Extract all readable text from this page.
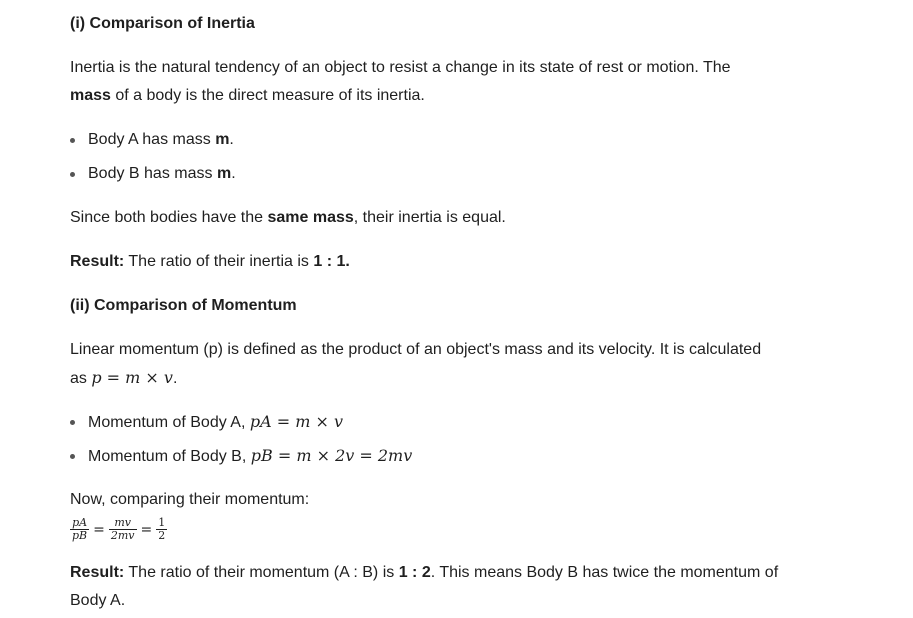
(i) Comparison of Inertia
Inertia is the natural tendency of an object to resist a change in its state of rest or motion. The
mass of a body is the direct measure of its inertia.
Body A has mass m.
Body B has mass m.
Since both bodies have the same mass, their inertia is equal.
Result: The ratio of their inertia is 1 : 1.
(ii) Comparison of Momentum
Linear momentum (p) is defined as the product of an object's mass and its velocity. It is calculated
as p = m × v.
Momentum of Body A, pA = m × v
Momentum of Body B, pB = m × 2v = 2mv
Now, comparing their momentum:
$\frac{pA}{pB} = \frac{mv}{2mv} = \frac{1}{2}$
Result: The ratio of their momentum (A : B) is 1 : 2. This means Body B has twice the momentum of
Body A.
